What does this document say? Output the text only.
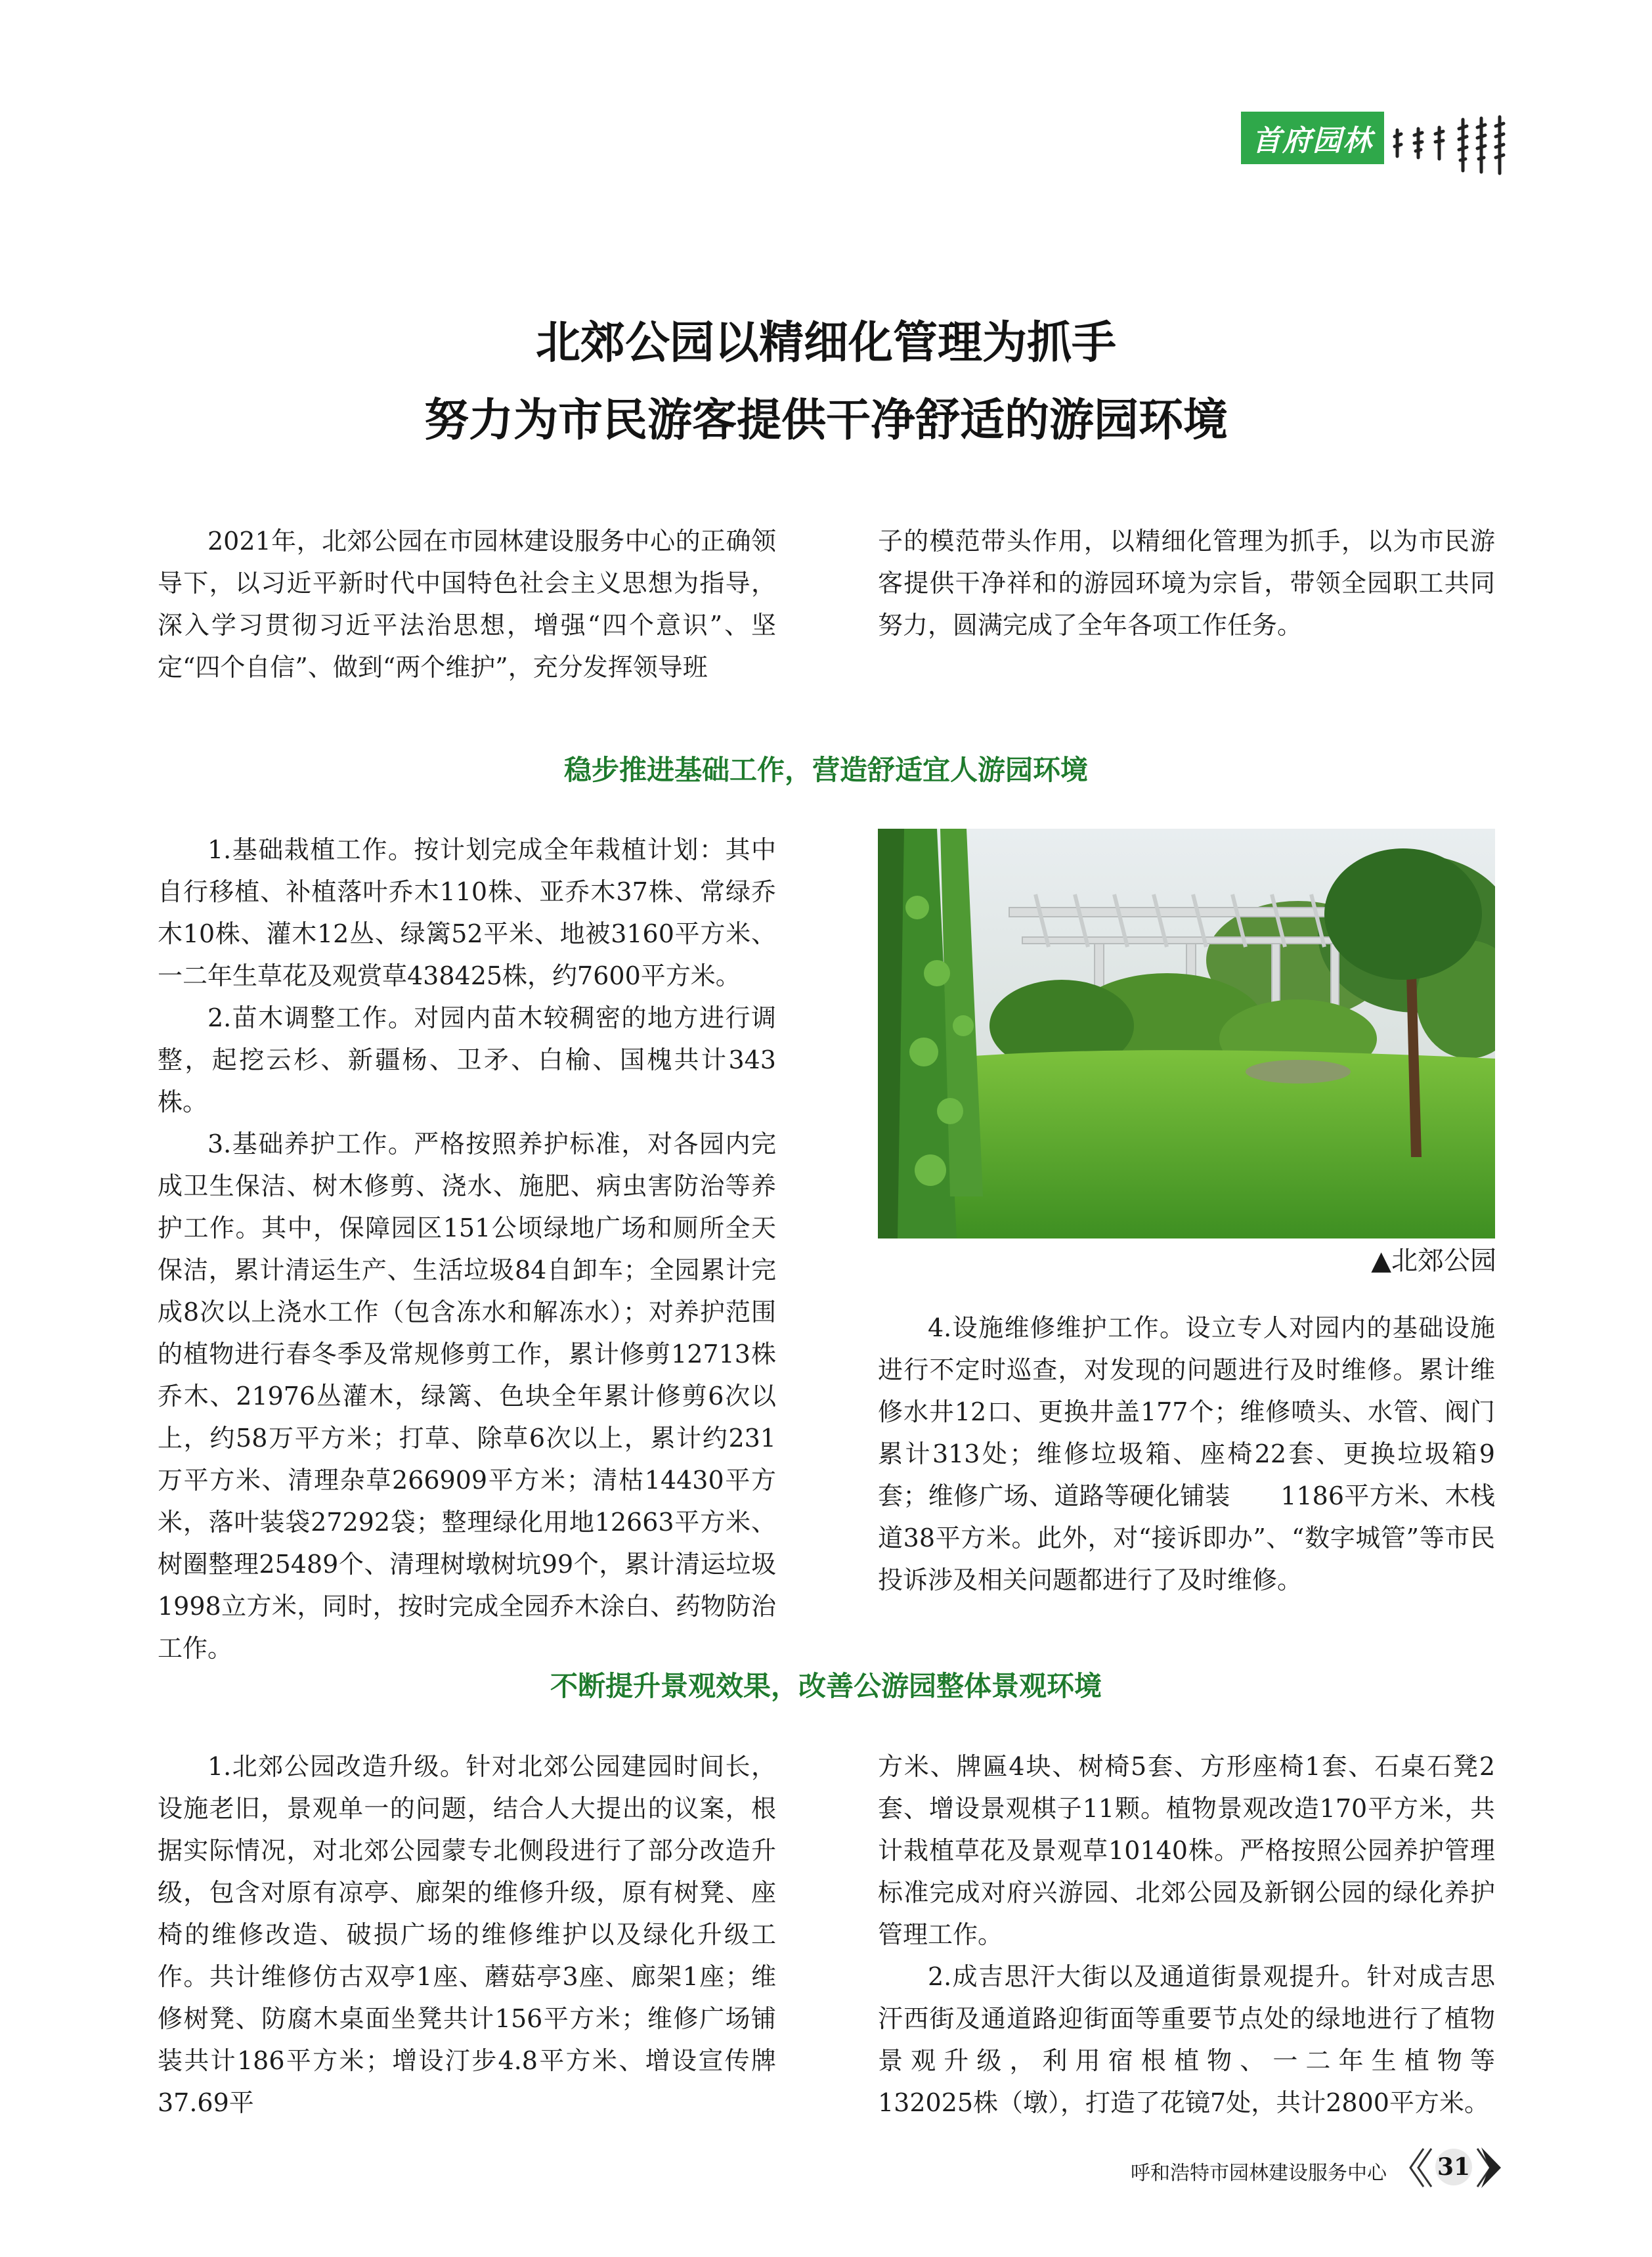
首府园林
北郊公园以精细化管理为抓手
努力为市民游客提供干净舒适的游园环境

2021年，北郊公园在市园林建设服务中心的正确领导下，以习近平新时代中国特色社会主义思想为指导，深入学习贯彻习近平法治思想，增强“四个意识”、坚定“四个自信”、做到“两个维护”，充分发挥领导班

子的模范带头作用，以精细化管理为抓手，以为市民游客提供干净祥和的游园环境为宗旨，带领全园职工共同努力，圆满完成了全年各项工作任务。

稳步推进基础工作，营造舒适宜人游园环境

1.基础栽植工作。按计划完成全年栽植计划：其中自行移植、补植落叶乔木110株、亚乔木37株、常绿乔木10株、灌木12丛、绿篱52平米、地被3160平方米、一二年生草花及观赏草438425株，约7600平方米。

2.苗木调整工作。对园内苗木较稠密的地方进行调整，起挖云杉、新疆杨、卫矛、白榆、国槐共计343株。

3.基础养护工作。严格按照养护标准，对各园内完成卫生保洁、树木修剪、浇水、施肥、病虫害防治等养护工作。其中，保障园区151公顷绿地广场和厕所全天保洁，累计清运生产、生活垃圾84自卸车；全园累计完成8次以上浇水工作（包含冻水和解冻水）；对养护范围的植物进行春冬季及常规修剪工作，累计修剪12713株乔木、21976丛灌木，绿篱、色块全年累计修剪6次以上，约58万平方米；打草、除草6次以上，累计约231万平方米、清理杂草266909平方米；清枯14430平方米，落叶装袋27292袋；整理绿化用地12663平方米、树圈整理25489个、清理树墩树坑99个，累计清运垃圾1998立方米，同时，按时完成全园乔木涂白、药物防治工作。

▲北郊公园

4.设施维修维护工作。设立专人对园内的基础设施进行不定时巡查，对发现的问题进行及时维修。累计维修水井12口、更换井盖177个；维修喷头、水管、阀门累计313处；维修垃圾箱、座椅22套、更换垃圾箱9套；维修广场、道路等硬化铺装　　1186平方米、木栈道38平方米。此外，对“接诉即办”、“数字城管”等市民投诉涉及相关问题都进行了及时维修。

不断提升景观效果，改善公游园整体景观环境

1.北郊公园改造升级。针对北郊公园建园时间长，设施老旧，景观单一的问题，结合人大提出的议案，根据实际情况，对北郊公园蒙专北侧段进行了部分改造升级，包含对原有凉亭、廊架的维修升级，原有树凳、座椅的维修改造、破损广场的维修维护以及绿化升级工作。共计维修仿古双亭1座、蘑菇亭3座、廊架1座；维修树凳、防腐木桌面坐凳共计156平方米；维修广场铺装共计186平方米；增设汀步4.8平方米、增设宣传牌37.69平

方米、牌匾4块、树椅5套、方形座椅1套、石桌石凳2套、增设景观棋子11颗。植物景观改造170平方米，共计栽植草花及景观草10140株。严格按照公园养护管理标准完成对府兴游园、北郊公园及新钢公园的绿化养护管理工作。

2.成吉思汗大街以及通道街景观提升。针对成吉思汗西街及通道路迎街面等重要节点处的绿地进行了植物景观升级，利用宿根植物、一二年生植物等　　132025株（墩），打造了花镜7处，共计2800平方米。

呼和浩特市园林建设服务中心 31
